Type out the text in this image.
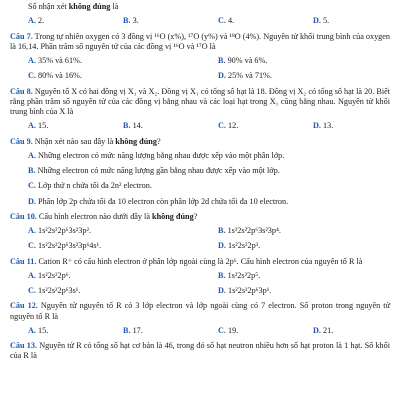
Số nhận xét không đúng là
A. 2.	B. 3.	C. 4.	D. 5.
Câu 7. Trong tự nhiên oxygen có 3 đồng vị ¹⁶O (x%), ¹⁷O (y%) và ¹⁸O (4%). Nguyên tử khối trung bình của oxygen là 16,14. Phần trăm số nguyên tử của các đồng vị ¹⁶O và ¹⁷O là
A. 35% và 61%.	B. 90% và 6%.
C. 80% và 16%.	D. 25% và 71%.
Câu 8. Nguyên tố X có hai đồng vị X₁ và X₂. Đồng vị X₁ có tổng số hạt là 18. Đồng vị X₂ có tổng số hạt là 20. Biết rằng phần trăm số nguyên tử của các đồng vị bằng nhau và các loại hạt trong X₁ cũng bằng nhau. Nguyên tử khối trung bình của X là
A. 15.	B. 14.	C. 12.	D. 13.
Câu 9. Nhận xét nào sau đây là không đúng?
A. Những electron có mức năng lượng bằng nhau được xếp vào một phân lớp.
B. Những electron có mức năng lượng gần bằng nhau được xếp vào một lớp.
C. Lớp thứ n chứa tối đa 2n² electron.
D. Phân lớp 2p chứa tối đa 10 electron còn phân lớp 2d chứa tối đa 10 electron.
Câu 10. Cấu hình electron nào dưới đây là không đúng?
A. 1s²2s²2p⁶3s²3p².	B. 1s²2s²2p⁶3s²3p⁴.
C. 1s²2s²2p⁶3s²3p⁶4s¹.	D. 1s²2s²2p³.
Câu 11. Cation R⁺ có cấu hình electron ở phân lớp ngoài cùng là 2p⁶. Cấu hình electron của nguyên tố R là
A. 1s²2s²2p⁶.	B. 1s²2s²2p⁵.
C. 1s²2s²2p⁶3s¹.	D. 1s²2s²2p⁶3p¹.
Câu 12. Nguyên tử nguyên tố R có 3 lớp electron và lớp ngoài cùng có 7 electron. Số proton trong nguyên tử nguyên tố R là
A. 15.	B. 17.	C. 19.	D. 21.
Câu 13. Nguyên tử R có tổng số hạt cơ bản là 46, trong đó số hạt neutron nhiều hơn số hạt proton là 1 hạt. Số khối của R là
